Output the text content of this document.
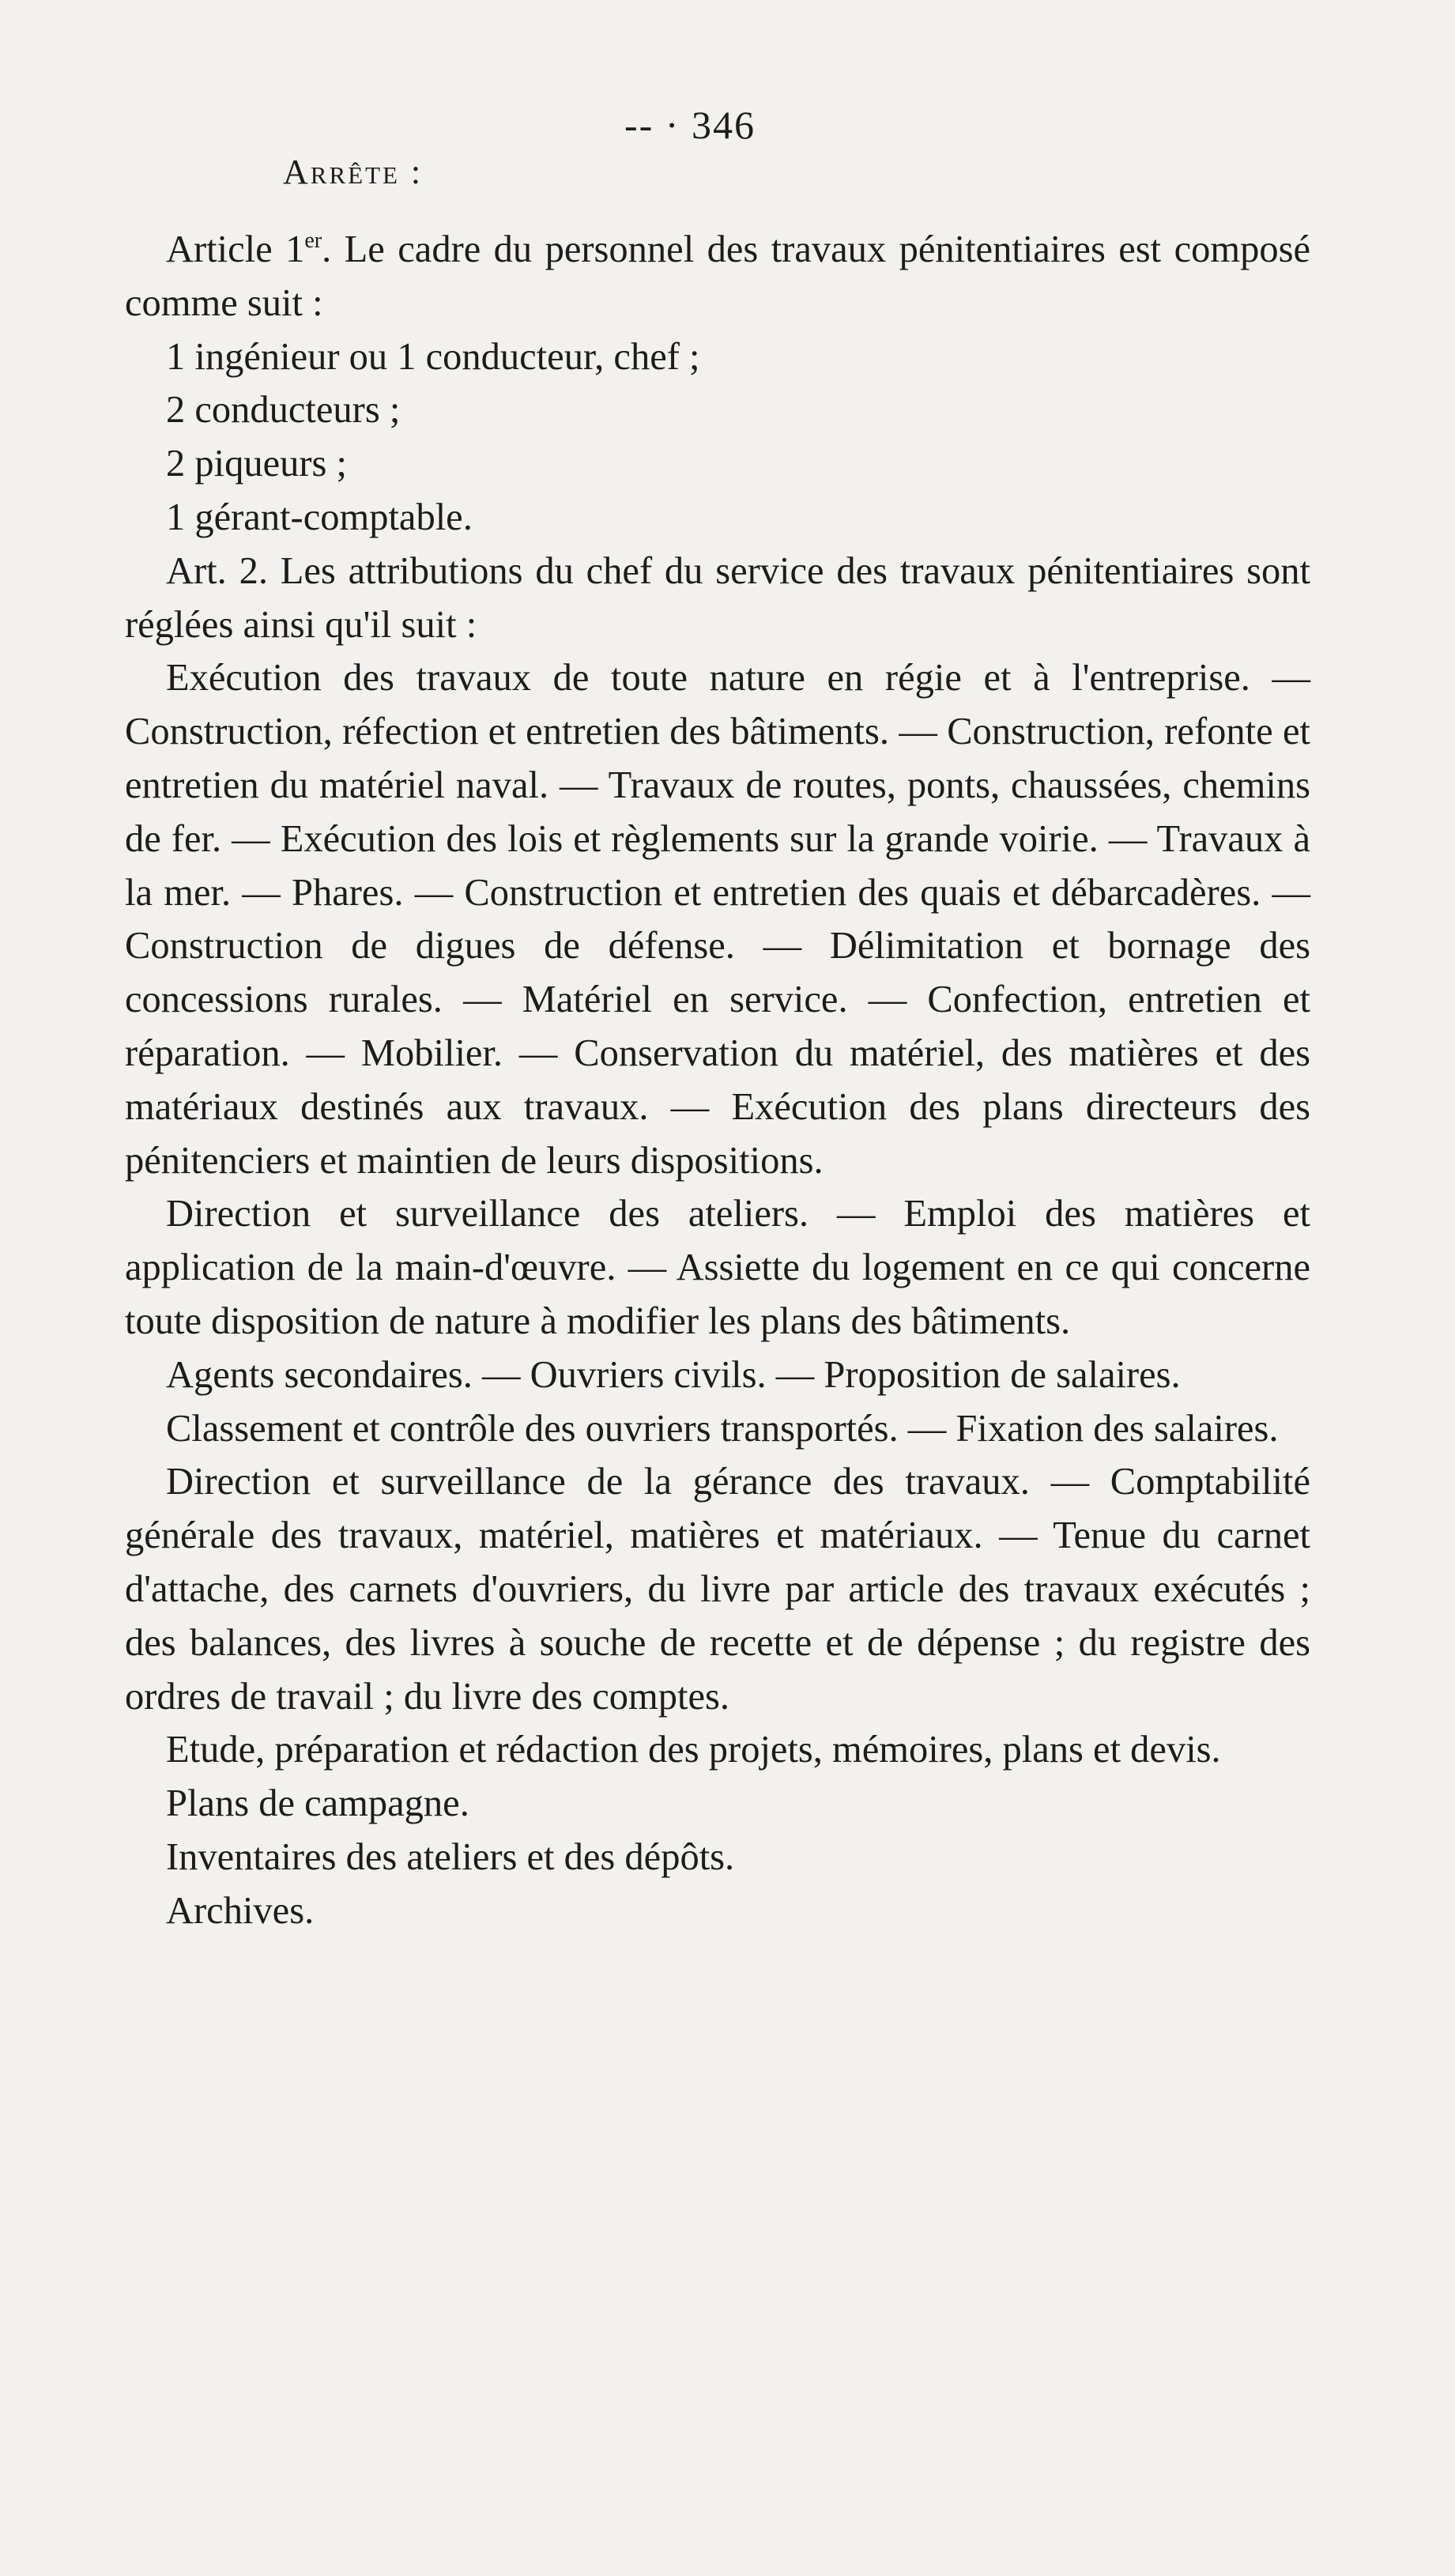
-- · 346
Arrête :

Article 1er. Le cadre du personnel des travaux pénitentiaires est composé comme suit :

1 ingénieur ou 1 conducteur, chef ;

2 conducteurs ;

2 piqueurs ;

1 gérant-comptable.

Art. 2. Les attributions du chef du service des travaux pénitentiaires sont réglées ainsi qu'il suit :

Exécution des travaux de toute nature en régie et à l'entreprise. — Construction, réfection et entretien des bâtiments. — Construction, refonte et entretien du matériel naval. — Travaux de routes, ponts, chaussées, chemins de fer. — Exécution des lois et règlements sur la grande voirie. — Travaux à la mer. — Phares. — Construction et entretien des quais et débarcadères. — Construction de digues de défense. — Délimitation et bornage des concessions rurales. — Matériel en service. — Confection, entretien et réparation. — Mobilier. — Conservation du matériel, des matières et des matériaux destinés aux travaux. — Exécution des plans directeurs des pénitenciers et maintien de leurs dispositions.

Direction et surveillance des ateliers. — Emploi des matières et application de la main-d'œuvre. — Assiette du logement en ce qui concerne toute disposition de nature à modifier les plans des bâtiments.

Agents secondaires. — Ouvriers civils. — Proposition de salaires.

Classement et contrôle des ouvriers transportés. — Fixation des salaires.

Direction et surveillance de la gérance des travaux. — Comptabilité générale des travaux, matériel, matières et matériaux. — Tenue du carnet d'attache, des carnets d'ouvriers, du livre par article des travaux exécutés ; des balances, des livres à souche de recette et de dépense ; du registre des ordres de travail ; du livre des comptes.

Etude, préparation et rédaction des projets, mémoires, plans et devis.

Plans de campagne.

Inventaires des ateliers et des dépôts.

Archives.
